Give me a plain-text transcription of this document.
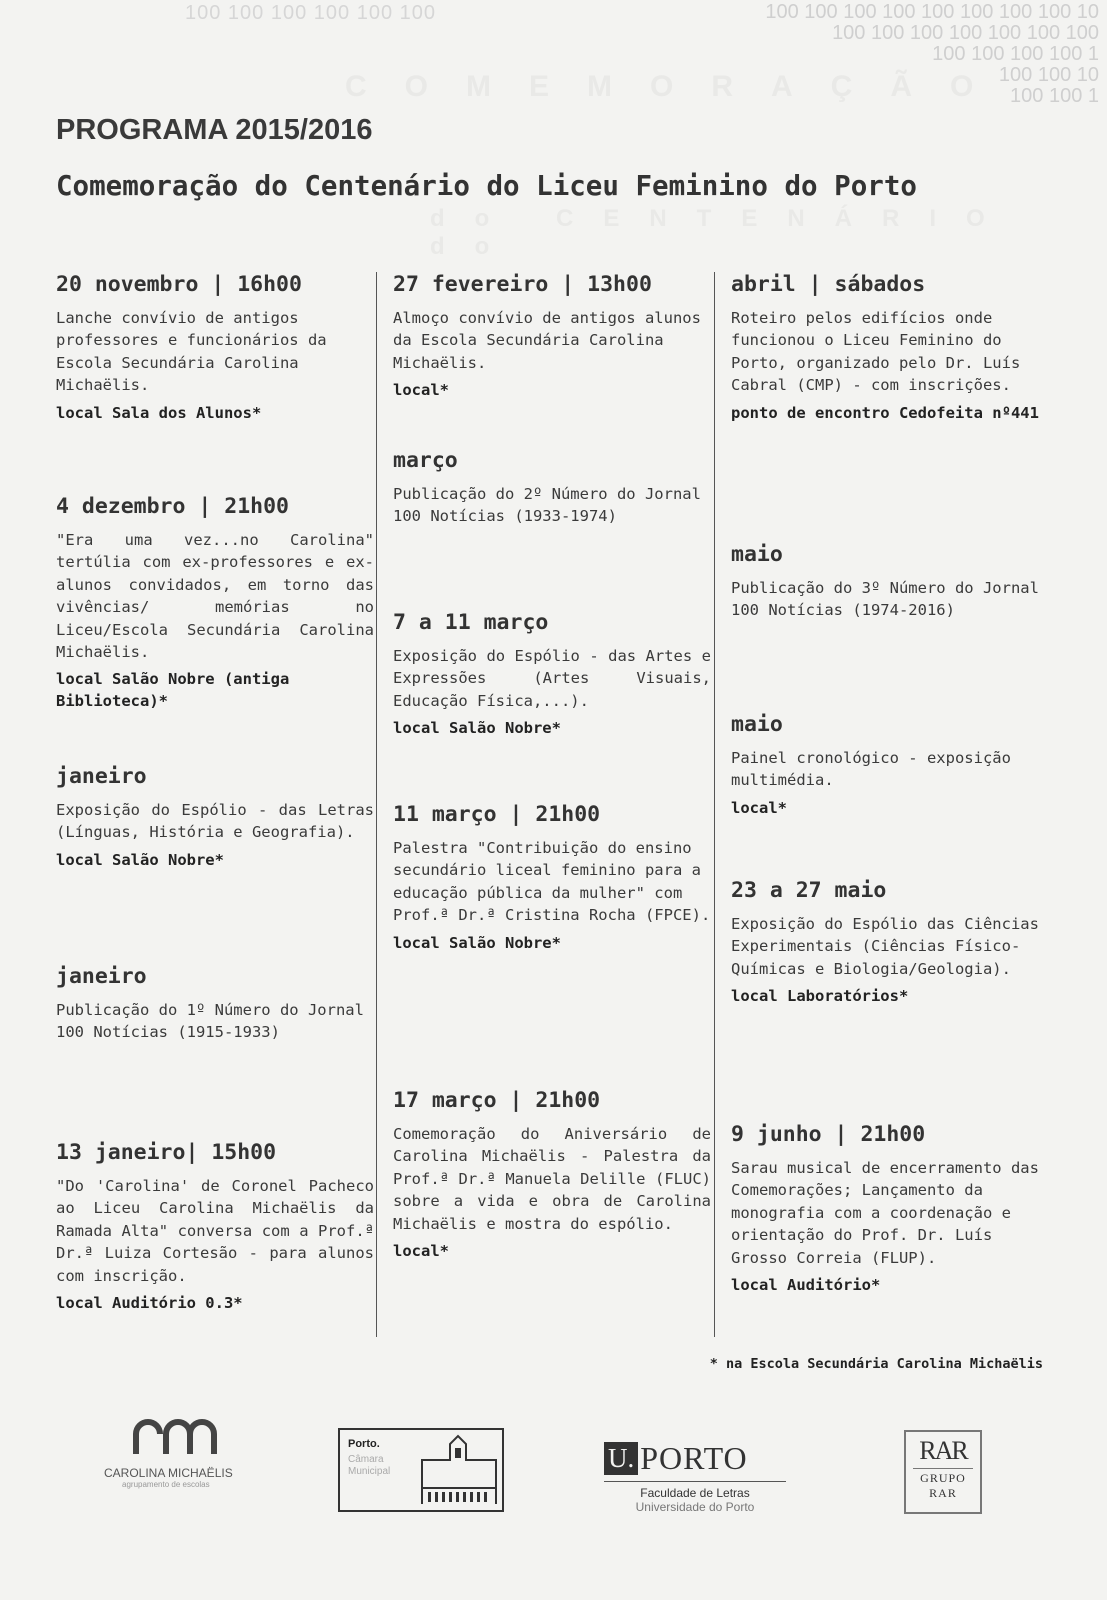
100 100 100 100 100 100	100 100 100 100 100 100 100 100 10
100 100 100 100 100 100 100
100 100 100 100 1
100 100 10
100 100 1
COMEMORAÇÃO
do CENTENÁRIO do
PROGRAMA 2015/2016
Comemoração do Centenário do Liceu Feminino do Porto

20 novembro | 16h00

Lanche convívio de antigos professores e funcionários da Escola Secundária Carolina Michaëlis.

local Sala dos Alunos*

4 dezembro | 21h00

"Era uma vez...no Carolina" tertúlia com ex-professores e ex-alunos convidados, em torno das vivências/ memórias no Liceu/Escola Secundária Carolina Michaëlis.

local Salão Nobre (antiga Biblioteca)*

janeiro

Exposição do Espólio - das Letras (Línguas, História e Geografia).

local Salão Nobre*

janeiro

Publicação do 1º Número do Jornal 100 Notícias (1915-1933)

13 janeiro| 15h00

"Do 'Carolina' de Coronel Pacheco ao Liceu Carolina Michaëlis da Ramada Alta" conversa com a Prof.ª Dr.ª Luiza Cortesão - para alunos com inscrição.

local Auditório 0.3*

27 fevereiro | 13h00

Almoço convívio de antigos alunos da Escola Secundária Carolina Michaëlis.

local*

março

Publicação do 2º Número do Jornal 100 Notícias (1933-1974)

7 a 11 março

Exposição do Espólio - das Artes e Expressões (Artes Visuais, Educação Física,...).

local Salão Nobre*

11 março | 21h00

Palestra "Contribuição do ensino secundário liceal feminino para a educação pública da mulher" com Prof.ª Dr.ª Cristina Rocha (FPCE).

local Salão Nobre*

17 março | 21h00

Comemoração do Aniversário de Carolina Michaëlis - Palestra da Prof.ª Dr.ª Manuela Delille (FLUC) sobre a vida e obra de Carolina Michaëlis e mostra do espólio.

local*

abril | sábados

Roteiro pelos edifícios onde funcionou o Liceu Feminino do Porto, organizado pelo Dr. Luís Cabral (CMP) - com inscrições.

ponto de encontro Cedofeita nº441

maio

Publicação do 3º Número do Jornal 100 Notícias (1974-2016)

maio

Painel cronológico - exposição multimédia.

local*

23 a 27 maio

Exposição do Espólio das Ciências Experimentais (Ciências Físico-Químicas e Biologia/Geologia).

local Laboratórios*

9 junho | 21h00

Sarau musical de encerramento das Comemorações; Lançamento da monografia com a coordenação e orientação do Prof. Dr. Luís Grosso Correia (FLUP).

local Auditório*

* na Escola Secundária Carolina Michaëlis
CAROLINA MICHAËLIS
agrupamento de escolas
Porto.
Câmara
Municipal	U. PORTO
Faculdade de Letras
Universidade do Porto
RAR
GRUPO
RAR
